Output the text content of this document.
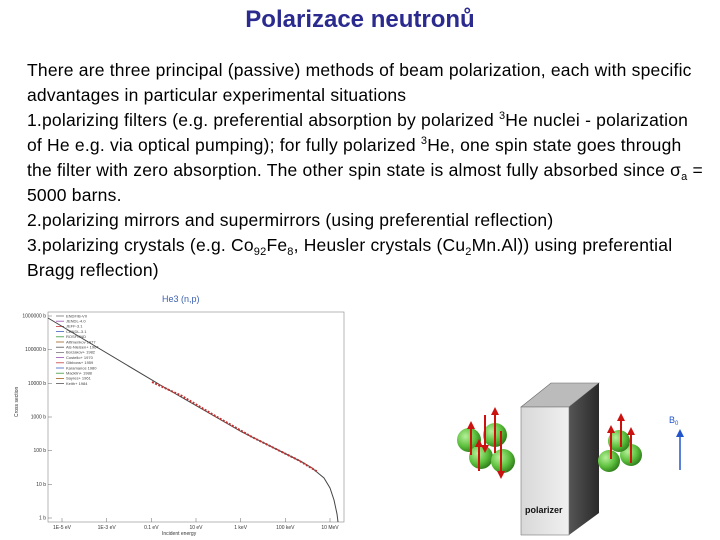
Polarizace neutronů

There are three principal (passive) methods of beam polarization, each with specific advantages in particular experimental situations

1.polarizing filters (e.g. preferential absorption by polarized $^3$He nuclei - polarization of He e.g. via optical pumping); for fully polarized $^3$He, one spin state goes through the filter with zero absorption. The other spin state is almost fully absorbed since $\sigma_a = 5000$ barns.

2.polarizing mirrors and supermirrors (using preferential reflection)

3.polarizing crystals (e.g. $Co_{92}Fe_8$, Heusler crystals $(Cu_2Mn.Al)$) using preferential Bragg reflection)

He3 (n,p)
1000000 b
100000 b
10000 b
1000 b
100 b
10 b
1 b
1E-5 eV	1E-3 eV	0.1 eV	10 eV	1 keV	100 keV	10 MeV
Cross section
Incident energy
ENDF/B-VII
JENDL-4.0
JEFF-3.1
CENDL-3.1
ROSFOND
Alfimenkov 1977
Als-Nielsen+ 1964
Borzakov+ 1982
Costello+ 1970
Gibbons+ 1959
Karamanos 1980
Macklin+ 1988
Sayres+ 1961
Keith+ 1984
polarizer
$B_0$
